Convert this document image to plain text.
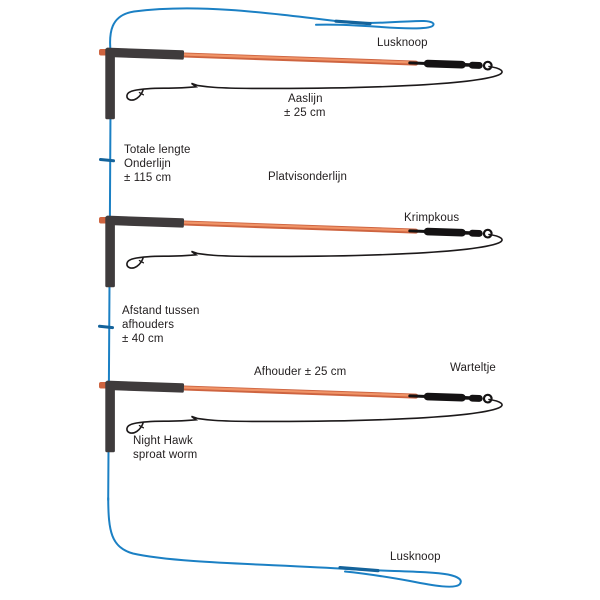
Lusknoop
Aaslijn
± 25 cm
Totale lengte
Onderlijn
± 115 cm	Platvisonderlijn
Krimpkous
Afstand tussen
afhouders
± 40 cm
Afhouder ± 25 cm	Warteltje
Night Hawk
sproat worm
Lusknoop
